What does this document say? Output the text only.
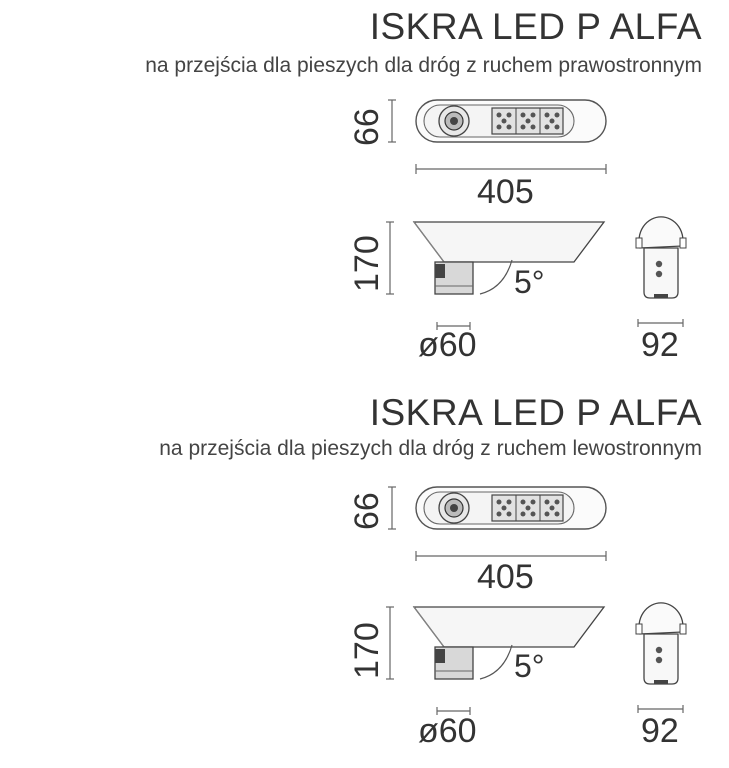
ISKRA LED P ALFA
na przejścia dla pieszych dla dróg z ruchem prawostronnym
66
405
170	5°
ø60	92
ISKRA LED P ALFA
na przejścia dla pieszych dla dróg z ruchem lewostronnym
66
405
170	5°
ø60	92
